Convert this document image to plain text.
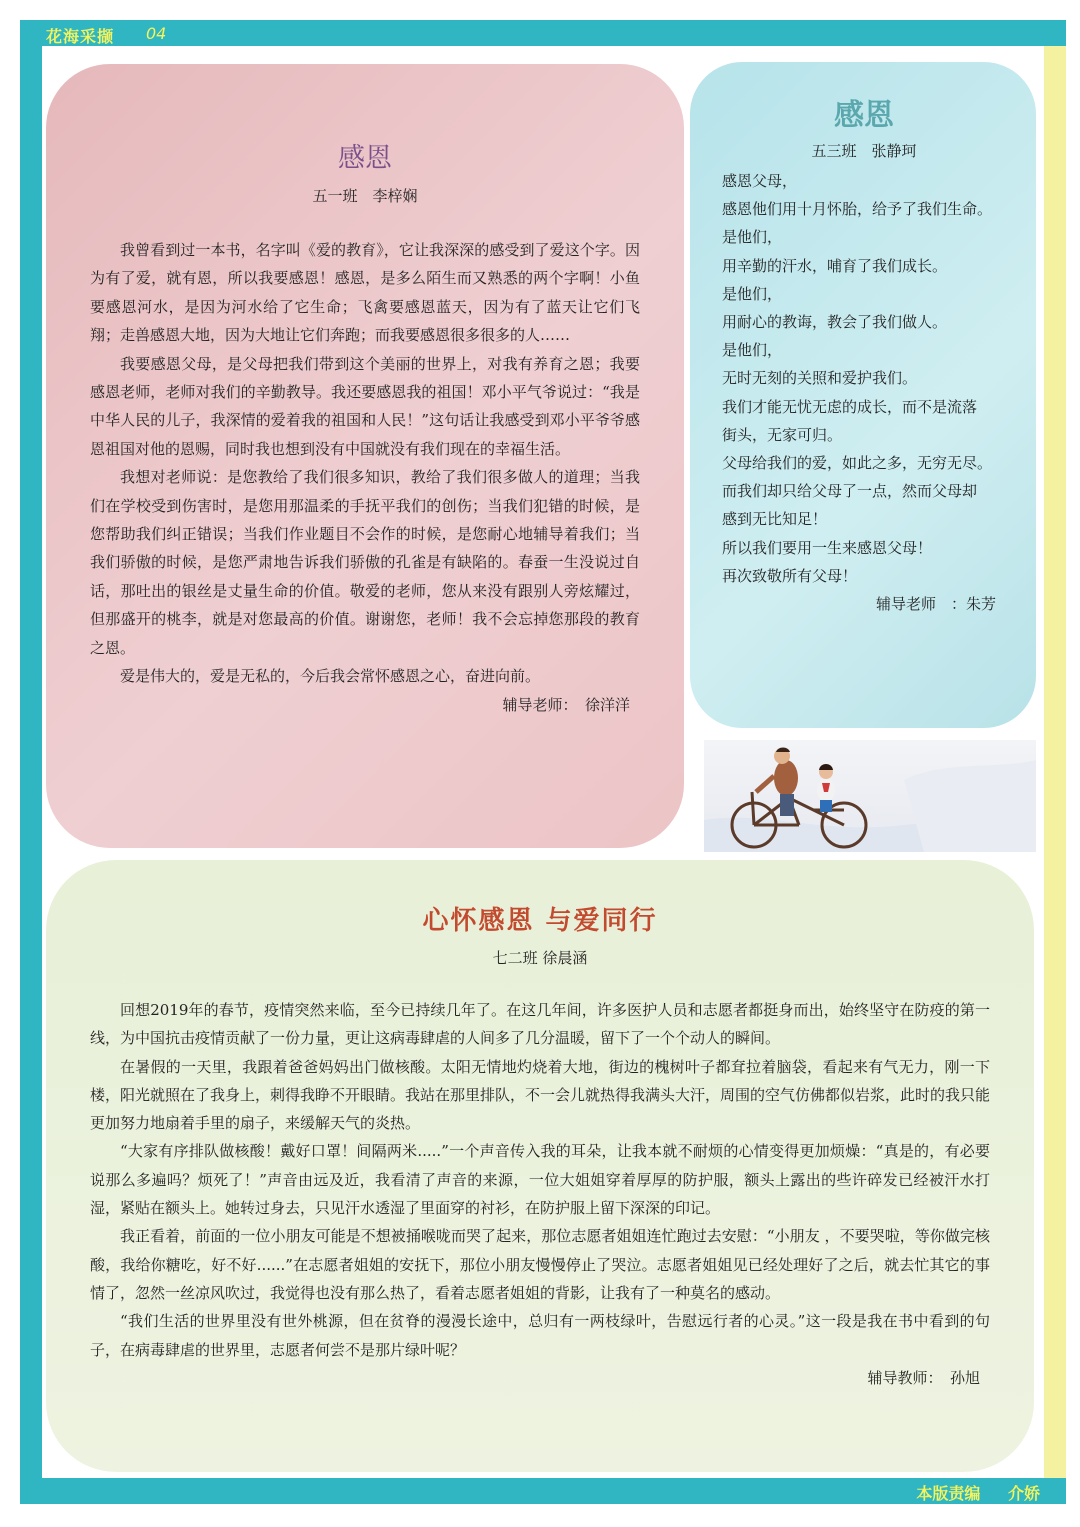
花海采撷 04
本版责编 介娇
感恩
五一班　李梓娴

我曾看到过一本书，名字叫《爱的教育》，它让我深深的感受到了爱这个字。因为有了爱，就有恩，所以我要感恩！感恩，是多么陌生而又熟悉的两个字啊！小鱼要感恩河水，是因为河水给了它生命；飞禽要感恩蓝天，因为有了蓝天让它们飞翔；走兽感恩大地，因为大地让它们奔跑；而我要感恩很多很多的人……

我要感恩父母，是父母把我们带到这个美丽的世界上，对我有养育之恩；我要感恩老师，老师对我们的辛勤教导。我还要感恩我的祖国！邓小平气爷说过：“我是中华人民的儿子，我深情的爱着我的祖国和人民！”这句话让我感受到邓小平爷爷感恩祖国对他的恩赐，同时我也想到没有中国就没有我们现在的幸福生活。

我想对老师说：是您教给了我们很多知识，教给了我们很多做人的道理；当我们在学校受到伤害时，是您用那温柔的手抚平我们的创伤；当我们犯错的时候，是您帮助我们纠正错误；当我们作业题目不会作的时候，是您耐心地辅导着我们；当我们骄傲的时候，是您严肃地告诉我们骄傲的孔雀是有缺陷的。春蚕一生没说过自话，那吐出的银丝是丈量生命的价值。敬爱的老师，您从来没有跟别人旁炫耀过，但那盛开的桃李，就是对您最高的价值。谢谢您，老师！我不会忘掉您那段的教育之恩。

爱是伟大的，爱是无私的，今后我会常怀感恩之心，奋进向前。

辅导老师：　徐洋洋
感恩
五三班　张静珂

感恩父母，

感恩他们用十月怀胎，给予了我们生命。

是他们，

用辛勤的汗水，哺育了我们成长。

是他们，

用耐心的教诲，教会了我们做人。

是他们，

无时无刻的关照和爱护我们。

我们才能无忧无虑的成长，而不是流落

街头，无家可归。

父母给我们的爱，如此之多，无穷无尽。

而我们却只给父母了一点，然而父母却

感到无比知足！

所以我们要用一生来感恩父母！

再次致敬所有父母！

辅导老师　：朱芳
心怀感恩 与爱同行
七二班 徐晨涵

回想2019年的春节，疫情突然来临，至今已持续几年了。在这几年间，许多医护人员和志愿者都挺身而出，始终坚守在防疫的第一线，为中国抗击疫情贡献了一份力量，更让这病毒肆虐的人间多了几分温暖，留下了一个个动人的瞬间。

在暑假的一天里，我跟着爸爸妈妈出门做核酸。太阳无情地灼烧着大地，街边的槐树叶子都耷拉着脑袋，看起来有气无力，刚一下楼，阳光就照在了我身上，刺得我睁不开眼睛。我站在那里排队，不一会儿就热得我满头大汗，周围的空气仿佛都似岩浆，此时的我只能更加努力地扇着手里的扇子，来缓解天气的炎热。

“大家有序排队做核酸！戴好口罩！间隔两米.....”一个声音传入我的耳朵，让我本就不耐烦的心情变得更加烦燥：“真是的，有必要说那么多遍吗？烦死了！”声音由远及近，我看清了声音的来源，一位大姐姐穿着厚厚的防护服，额头上露出的些许碎发已经被汗水打湿，紧贴在额头上。她转过身去，只见汗水透湿了里面穿的衬衫，在防护服上留下深深的印记。

我正看着，前面的一位小朋友可能是不想被捅喉咙而哭了起来，那位志愿者姐姐连忙跑过去安慰：“小朋友 ，不要哭啦，等你做完核酸，我给你糖吃，好不好......”在志愿者姐姐的安抚下，那位小朋友慢慢停止了哭泣。志愿者姐姐见已经处理好了之后，就去忙其它的事情了，忽然一丝凉风吹过，我觉得也没有那么热了，看着志愿者姐姐的背影，让我有了一种莫名的感动。

“我们生活的世界里没有世外桃源，但在贫脊的漫漫长途中，总归有一两枝绿叶，告慰远行者的心灵。”这一段是我在书中看到的句子，在病毒肆虐的世界里，志愿者何尝不是那片绿叶呢？

辅导教师：　孙旭
